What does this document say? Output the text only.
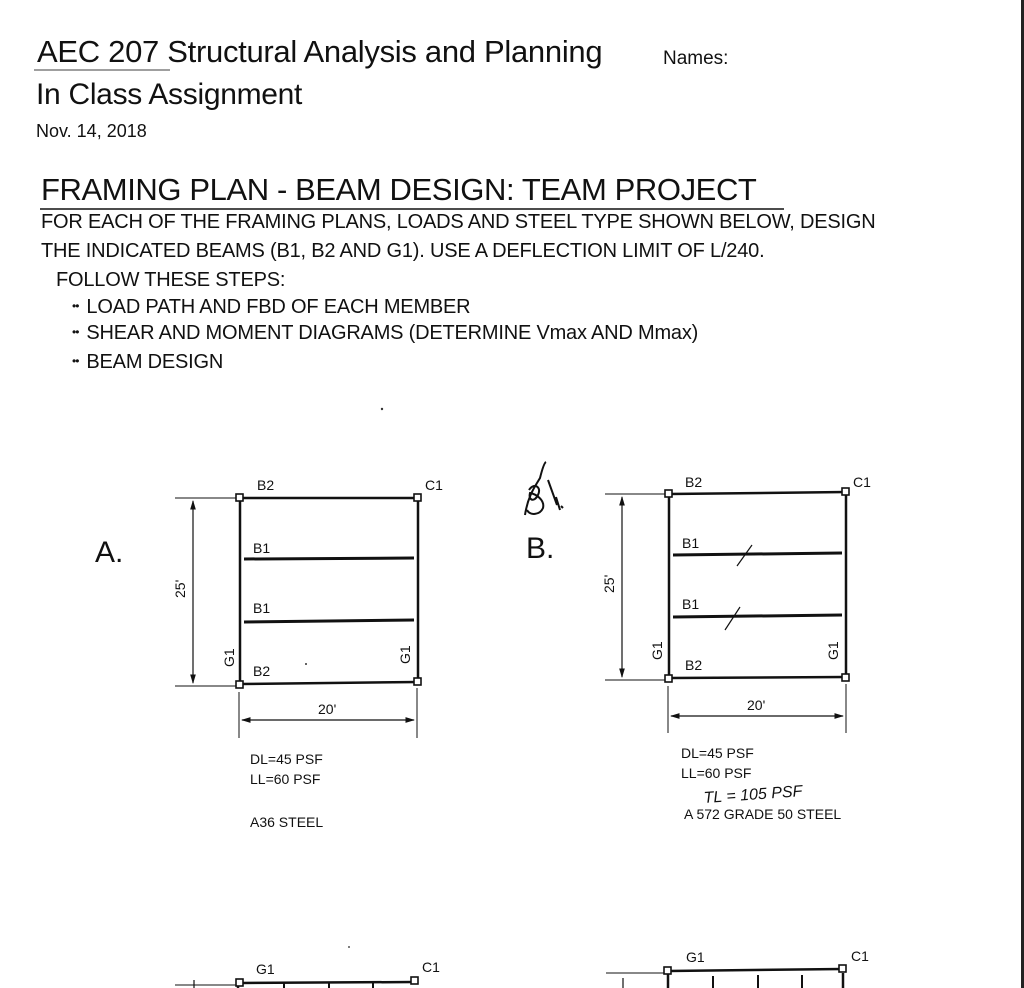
AEC 207 Structural Analysis and Planning	Names:
In Class Assignment
Nov. 14, 2018
FRAMING PLAN - BEAM DESIGN: TEAM PROJECT
FOR EACH OF THE FRAMING PLANS, LOADS AND STEEL TYPE SHOWN BELOW, DESIGN
THE INDICATED BEAMS (B1, B2 AND G1). USE A DEFLECTION LIMIT OF L/240.
FOLLOW THESE STEPS:
•• LOAD PATH AND FBD OF EACH MEMBER
•• SHEAR AND MOMENT DIAGRAMS (DETERMINE Vmax AND Mmax)
•• BEAM DESIGN
A.
B2	C1
B1
B1
B2
G1	G1
25'
20'
DL=45 PSF
LL=60 PSF
A36 STEEL
B.
B2	C1
B1
B1
B2
G1	G1
25'
20'
DL=45 PSF
LL=60 PSF
TL = 105 PSF
A 572 GRADE 50 STEEL
G1	C1
G1	C1
